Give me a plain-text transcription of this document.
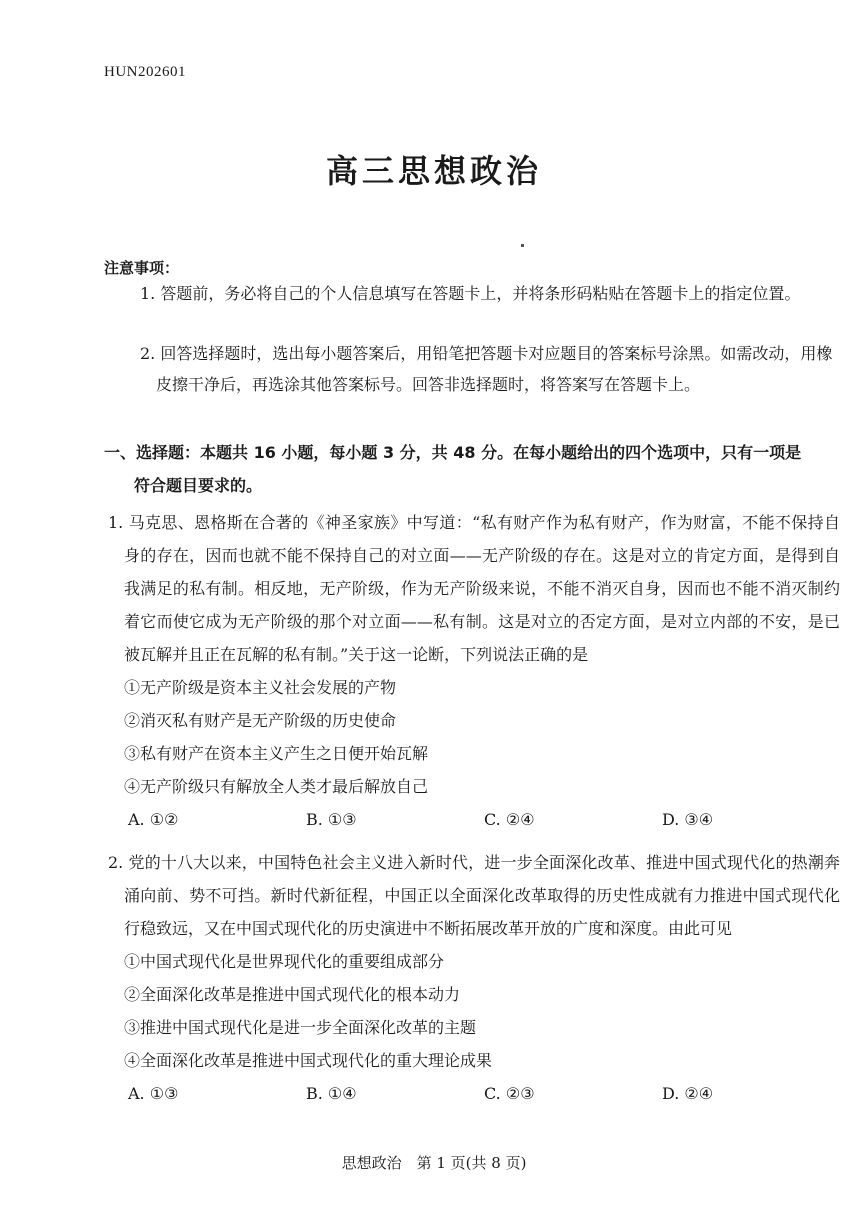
HUN202601
高三思想政治
注意事项：
1. 答题前，务必将自己的个人信息填写在答题卡上，并将条形码粘贴在答题卡上的指定位置。
2. 回答选择题时，选出每小题答案后，用铅笔把答题卡对应题目的答案标号涂黑。如需改动，用橡皮擦干净后，再选涂其他答案标号。回答非选择题时，将答案写在答题卡上。
一、选择题：本题共 16 小题，每小题 3 分，共 48 分。在每小题给出的四个选项中，只有一项是
符合题目要求的。
1. 马克思、恩格斯在合著的《神圣家族》中写道：“私有财产作为私有财产，作为财富，不能不保持自身的存在，因而也就不能不保持自己的对立面——无产阶级的存在。这是对立的肯定方面，是得到自我满足的私有制。相反地，无产阶级，作为无产阶级来说，不能不消灭自身，因而也不能不消灭制约着它而使它成为无产阶级的那个对立面——私有制。这是对立的否定方面，是对立内部的不安，是已被瓦解并且正在瓦解的私有制。”关于这一论断，下列说法正确的是
①无产阶级是资本主义社会发展的产物
②消灭私有财产是无产阶级的历史使命
③私有财产在资本主义产生之日便开始瓦解
④无产阶级只有解放全人类才最后解放自己
A. ①②	B. ①③	C. ②④	D. ③④
2. 党的十八大以来，中国特色社会主义进入新时代，进一步全面深化改革、推进中国式现代化的热潮奔涌向前、势不可挡。新时代新征程，中国正以全面深化改革取得的历史性成就有力推进中国式现代化行稳致远，又在中国式现代化的历史演进中不断拓展改革开放的广度和深度。由此可见
①中国式现代化是世界现代化的重要组成部分
②全面深化改革是推进中国式现代化的根本动力
③推进中国式现代化是进一步全面深化改革的主题
④全面深化改革是推进中国式现代化的重大理论成果
A. ①③	B. ①④	C. ②③	D. ②④
思想政治　第 1 页(共 8 页)
